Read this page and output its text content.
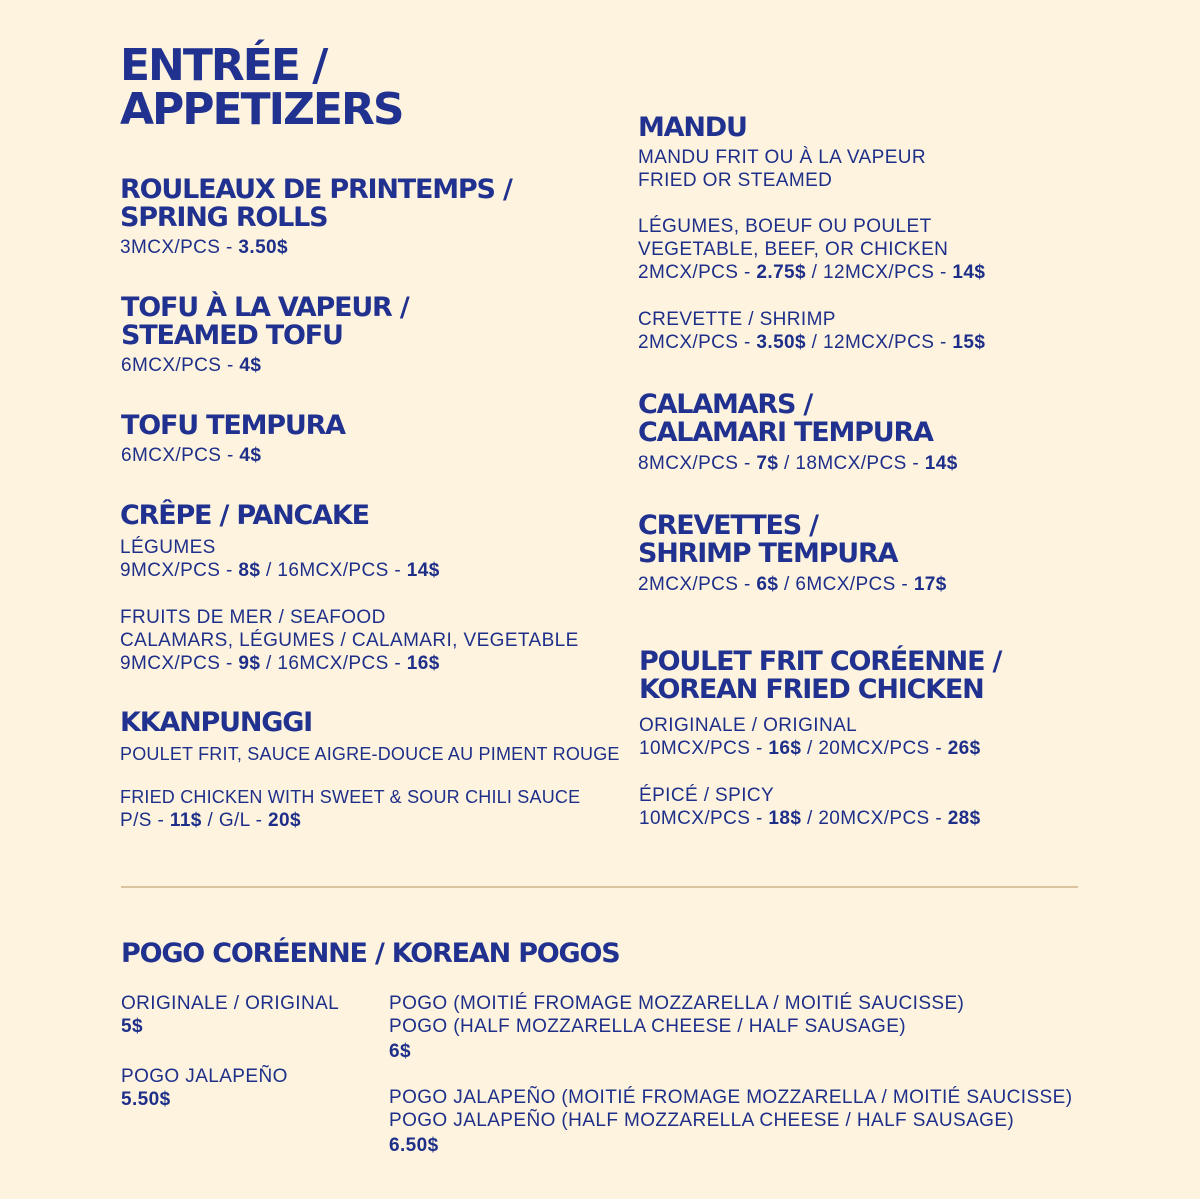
ENTRÉE /
APPETIZERS
ROULEAUX DE PRINTEMPS /
SPRING ROLLS
3MCX/PCS - 3.50$
TOFU À LA VAPEUR /
STEAMED TOFU
6MCX/PCS - 4$
TOFU TEMPURA
6MCX/PCS - 4$
CRÊPE / PANCAKE
LÉGUMES
9MCX/PCS - 8$ / 16MCX/PCS - 14$
FRUITS DE MER / SEAFOOD
CALAMARS, LÉGUMES / CALAMARI, VEGETABLE
9MCX/PCS - 9$ / 16MCX/PCS - 16$
KKANPUNGGI
POULET FRIT, SAUCE AIGRE-DOUCE AU PIMENT ROUGE
FRIED CHICKEN WITH SWEET & SOUR CHILI SAUCE
P/S - 11$ / G/L - 20$
MANDU
MANDU FRIT OU À LA VAPEUR
FRIED OR STEAMED
LÉGUMES, BOEUF OU POULET
VEGETABLE, BEEF, OR CHICKEN
2MCX/PCS - 2.75$ / 12MCX/PCS - 14$
CREVETTE / SHRIMP
2MCX/PCS - 3.50$ / 12MCX/PCS - 15$
CALAMARS /
CALAMARI TEMPURA
8MCX/PCS - 7$ / 18MCX/PCS - 14$
CREVETTES /
SHRIMP TEMPURA
2MCX/PCS - 6$ / 6MCX/PCS - 17$
POULET FRIT CORÉENNE /
KOREAN FRIED CHICKEN
ORIGINALE / ORIGINAL
10MCX/PCS - 16$ / 20MCX/PCS - 26$
ÉPICÉ / SPICY
10MCX/PCS - 18$ / 20MCX/PCS - 28$
POGO CORÉENNE / KOREAN POGOS
ORIGINALE / ORIGINAL
5$
POGO JALAPEÑO
5.50$
POGO (MOITIÉ FROMAGE MOZZARELLA / MOITIÉ SAUCISSE)
POGO (HALF MOZZARELLA CHEESE / HALF SAUSAGE)
6$
POGO JALAPEÑO (MOITIÉ FROMAGE MOZZARELLA / MOITIÉ SAUCISSE)
POGO JALAPEÑO (HALF MOZZARELLA CHEESE / HALF SAUSAGE)
6.50$
